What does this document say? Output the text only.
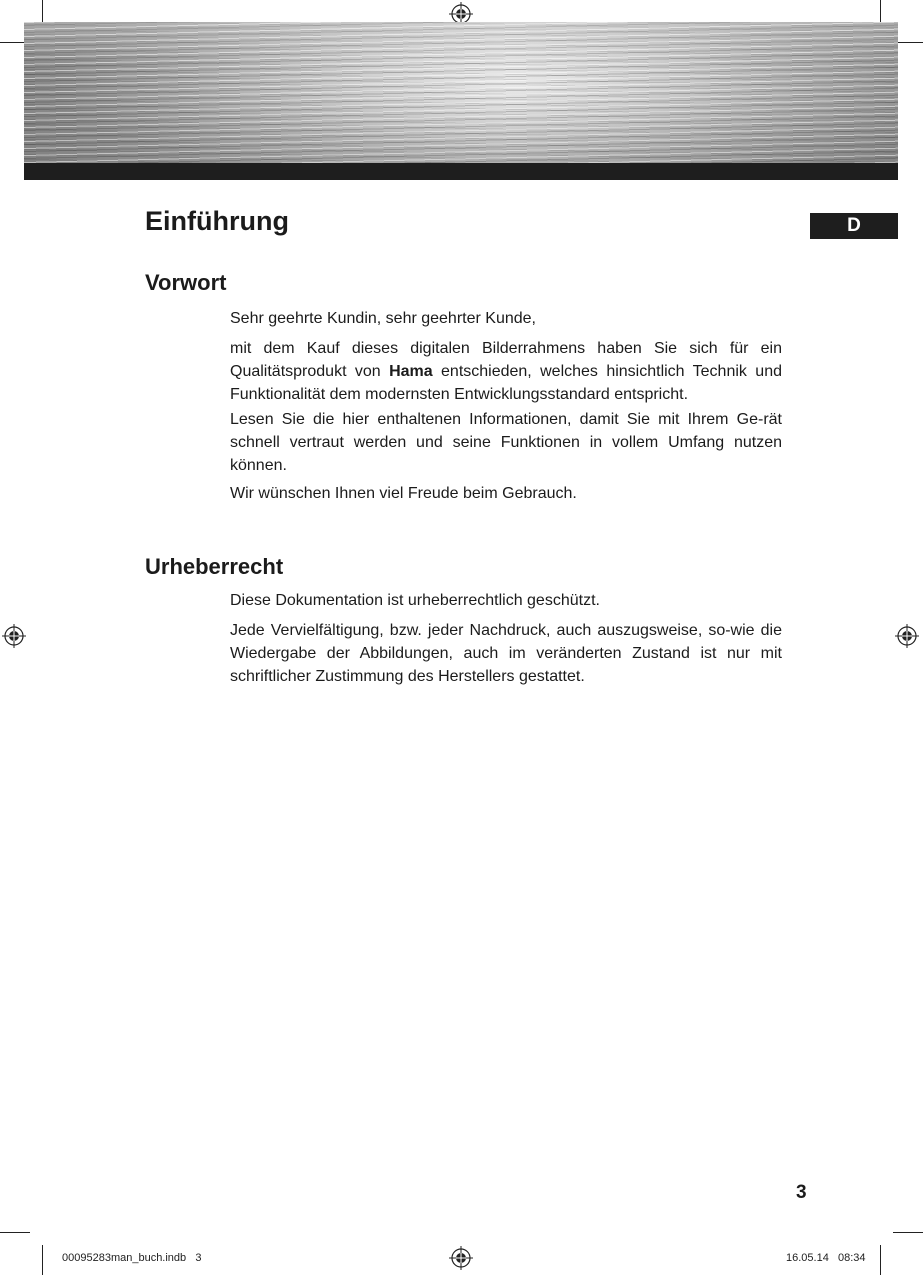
D
Einführung
Vorwort

Sehr geehrte Kundin, sehr geehrter Kunde,

mit dem Kauf dieses digitalen Bilderrahmens haben Sie sich für ein Qualitätsprodukt von Hama entschieden, welches hinsichtlich Technik und Funktionalität dem modernsten Entwicklungsstandard entspricht.

Lesen Sie die hier enthaltenen Informationen, damit Sie mit Ihrem Ge-rät schnell vertraut werden und seine Funktionen in vollem Umfang nutzen können.

Wir wünschen Ihnen viel Freude beim Gebrauch.

Urheberrecht

Diese Dokumentation ist urheberrechtlich geschützt.

Jede Vervielfältigung, bzw. jeder Nachdruck, auch auszugsweise, so-wie die Wiedergabe der Abbildungen, auch im veränderten Zustand ist nur mit schriftlicher Zustimmung des Herstellers gestattet.

3
00095283man_buch.indb   3	16.05.14   08:34
